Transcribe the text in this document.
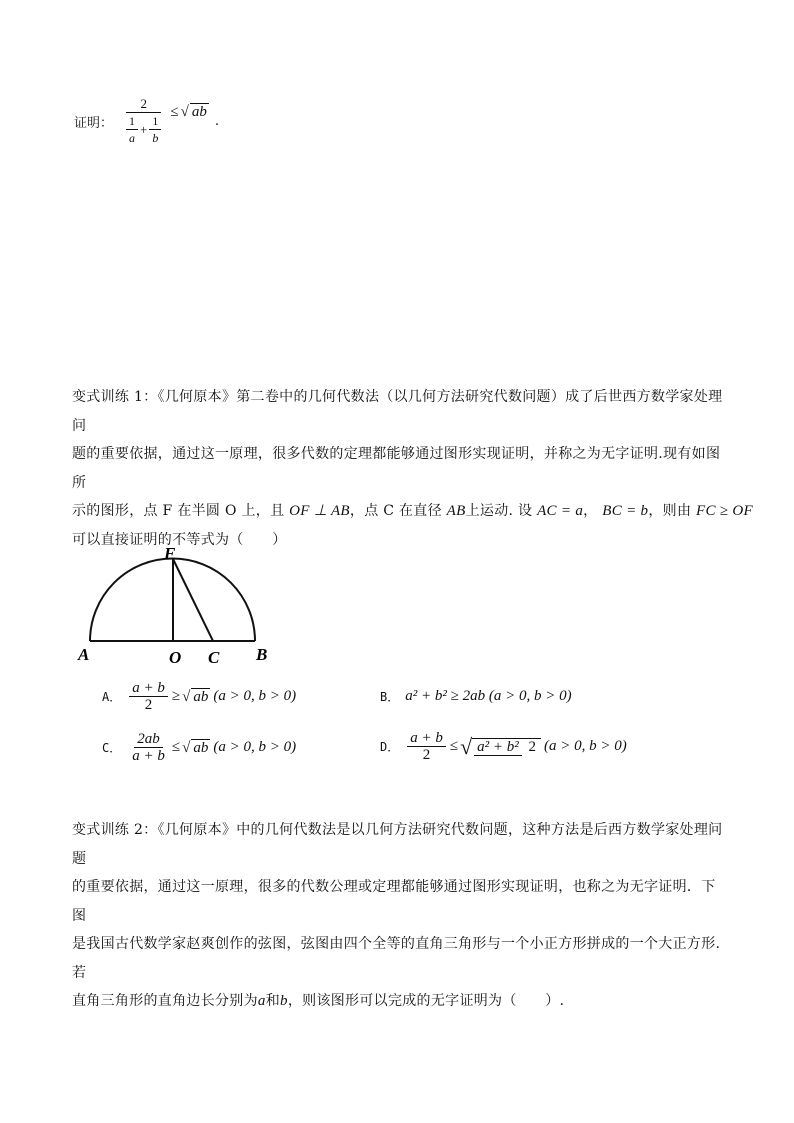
证明： $\frac{2}{\frac{1}{a} + \frac{1}{b}}$ ≤ √ ab
.
变式训练 1：《几何原本》第二卷中的几何代数法（以几何方法研究代数问题）成了后世西方数学家处理问
题的重要依据，通过这一原理，很多代数的定理都能够通过图形实现证明，并称之为无字证明.现有如图所
示的图形，点 F 在半圆 O 上，且 OF ⊥ AB，点 C 在直径 AB上运动. 设 AC = a， BC = b，则由 FC ≥ OF
可以直接证明的不等式为（　　）
F
A	O C B
A． $\frac{a + b}{2}$ ≥ √ ab (a > 0, b > 0)	B． a² + b² ≥ 2ab (a > 0, b > 0)
C． $\frac{2ab}{a + b}$ ≤ √ ab (a > 0, b > 0)	D． $\frac{a + b}{2}$ ≤ √ a² + b² 2 (a > 0, b > 0)
变式训练 2：《几何原本》中的几何代数法是以几何方法研究代数问题，这种方法是后西方数学家处理问题
的重要依据，通过这一原理，很多的代数公理或定理都能够通过图形实现证明，也称之为无字证明．下图
是我国古代数学家赵爽创作的弦图，弦图由四个全等的直角三角形与一个小正方形拼成的一个大正方形. 若
直角三角形的直角边长分别为a和b，则该图形可以完成的无字证明为（　　）.
